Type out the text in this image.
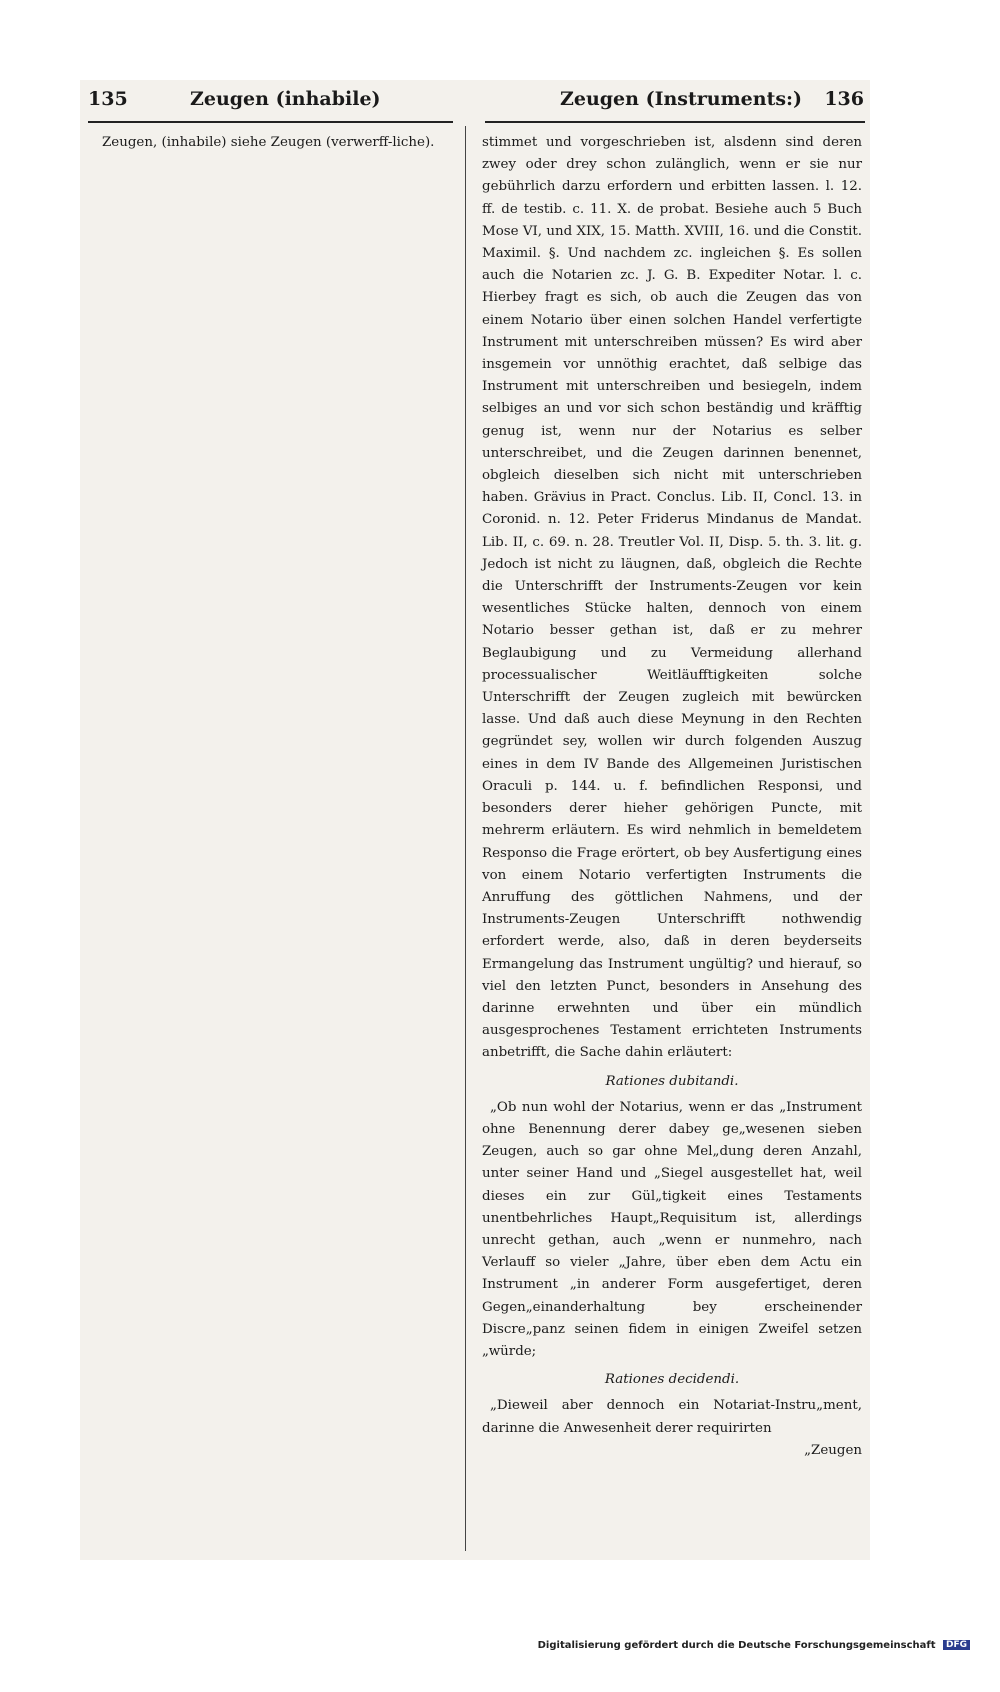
135	Zeugen (inhabile)	Zeugen (Instruments:) 136

Zeugen, (inhabile) siehe Zeugen (verwerff-liche).	stimmet und vorgeschrieben ist, alsdenn sind deren zwey oder drey schon zulänglich, wenn er sie nur gebührlich darzu erfordern und erbitten lassen. l. 12. ff. de testib. c. 11. X. de probat. Besiehe auch 5 Buch Mose VI, und XIX, 15. Matth. XVIII, 16. und die Constit. Maximil. §. Und nachdem zc. ingleichen §. Es sollen auch die Notarien zc. J. G. B. Expediter Notar. l. c. Hierbey fragt es sich, ob auch die Zeugen das von einem Notario über einen solchen Handel verfertigte Instrument mit unterschreiben müssen? Es wird aber insgemein vor unnöthig erachtet, daß selbige das Instrument mit unterschreiben und besiegeln, indem selbiges an und vor sich schon beständig und kräfftig genug ist, wenn nur der Notarius es selber unterschreibet, und die Zeugen darinnen benennet, obgleich dieselben sich nicht mit unterschrieben haben. Grävius in Pract. Conclus. Lib. II, Concl. 13. in Coronid. n. 12. Peter Friderus Mindanus de Mandat. Lib. II, c. 69. n. 28. Treutler Vol. II, Disp. 5. th. 3. lit. g. Jedoch ist nicht zu läugnen, daß, obgleich die Rechte die Unterschrifft der Instruments-Zeugen vor kein wesentliches Stücke halten, dennoch von einem Notario besser gethan ist, daß er zu mehrer Beglaubigung und zu Vermeidung allerhand processualischer Weitläufftigkeiten solche Unterschrifft der Zeugen zugleich mit bewürcken lasse. Und daß auch diese Meynung in den Rechten gegründet sey, wollen wir durch folgenden Auszug eines in dem IV Bande des Allgemeinen Juristischen Oraculi p. 144. u. f. befindlichen Responsi, und besonders derer hieher gehörigen Puncte, mit mehrerm erläutern. Es wird nehmlich in bemeldetem Responso die Frage erörtert, ob bey Ausfertigung eines von einem Notario verfertigten Instruments die Anruffung des göttlichen Nahmens, und der Instruments-Zeugen Unterschrifft nothwendig erfordert werde, also, daß in deren beyderseits Ermangelung das Instrument ungültig? und hierauf, so viel den letzten Punct, besonders in Ansehung des darinne erwehnten und über ein mündlich ausgesprochenes Testament errichteten Instruments anbetrifft, die Sache dahin erläutert:

Rationes dubitandi.

„Ob nun wohl der Notarius, wenn er das „Instrument ohne Benennung derer dabey ge„wesenen sieben Zeugen, auch so gar ohne Mel„dung deren Anzahl, unter seiner Hand und „Siegel ausgestellet hat, weil dieses ein zur Gül„tigkeit eines Testaments unentbehrliches Haupt„Requisitum ist, allerdings unrecht gethan, auch „wenn er nunmehro, nach Verlauff so vieler „Jahre, über eben dem Actu ein Instrument „in anderer Form ausgefertiget, deren Gegen„einanderhaltung bey erscheinender Discre„panz seinen fidem in einigen Zweifel setzen „würde;

Rationes decidendi.

„Dieweil aber dennoch ein Notariat-Instru„ment, darinne die Anwesenheit derer requirirten

„Zeugen

Digitalisierung gefördert durch die Deutsche Forschungsgemeinschaft DFG
